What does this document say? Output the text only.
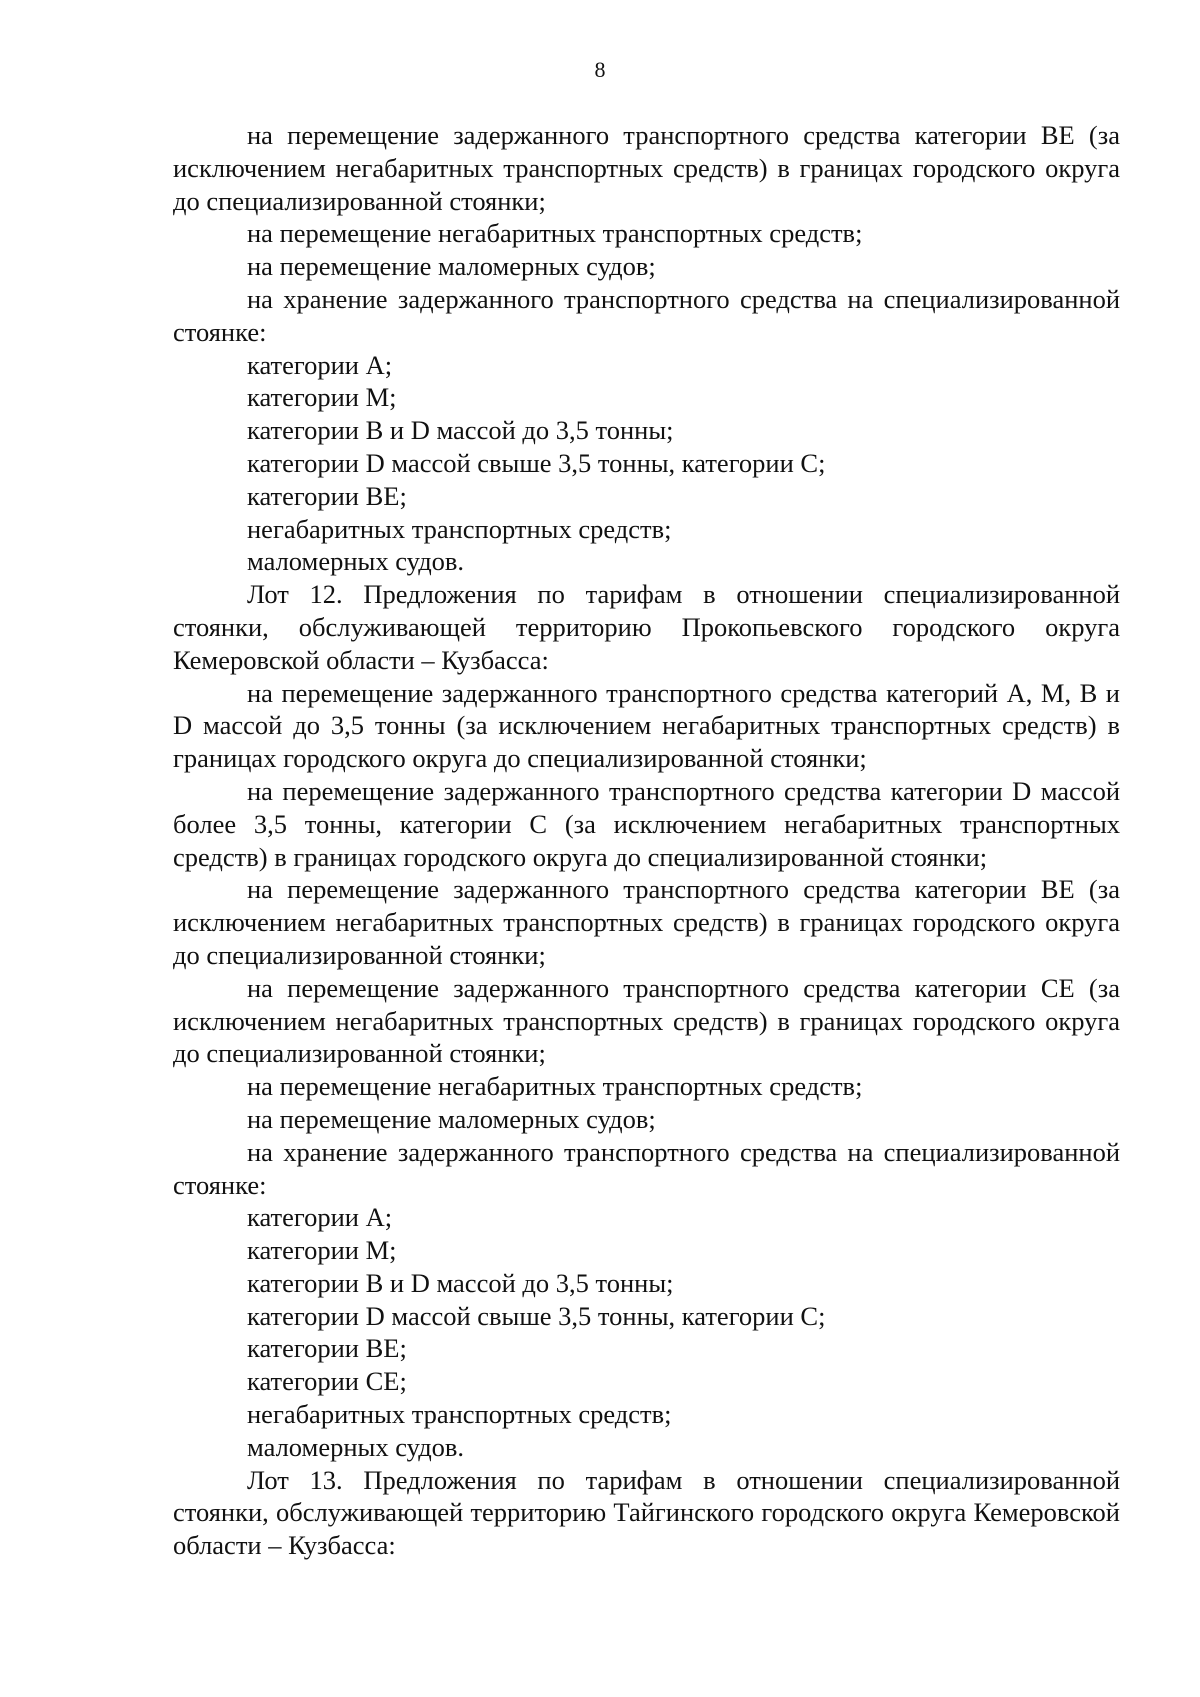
8

на перемещение задержанного транспортного средства категории ВЕ (за исключением негабаритных транспортных средств) в границах городского округа до специализированной стоянки;

на перемещение негабаритных транспортных средств;

на перемещение маломерных судов;

на хранение задержанного транспортного средства на специализированной стоянке:

категории А;

категории М;

категории В и D массой до 3,5 тонны;

категории D массой свыше 3,5 тонны, категории С;

категории ВЕ;

негабаритных транспортных средств;

маломерных судов.

Лот 12. Предложения по тарифам в отношении специализированной стоянки, обслуживающей территорию Прокопьевского городского округа Кемеровской области – Кузбасса:

на перемещение задержанного транспортного средства категорий А, М, В и D массой до 3,5 тонны (за исключением негабаритных транспортных средств) в границах городского округа до специализированной стоянки;

на перемещение задержанного транспортного средства категории D массой более 3,5 тонны, категории С (за исключением негабаритных транспортных средств) в границах городского округа до специализированной стоянки;

на перемещение задержанного транспортного средства категории ВЕ (за исключением негабаритных транспортных средств) в границах городского округа до специализированной стоянки;

на перемещение задержанного транспортного средства категории СЕ (за исключением негабаритных транспортных средств) в границах городского округа до специализированной стоянки;

на перемещение негабаритных транспортных средств;

на перемещение маломерных судов;

на хранение задержанного транспортного средства на специализированной стоянке:

категории А;

категории М;

категории В и D массой до 3,5 тонны;

категории D массой свыше 3,5 тонны, категории С;

категории ВЕ;

категории СЕ;

негабаритных транспортных средств;

маломерных судов.

Лот 13. Предложения по тарифам в отношении специализированной стоянки, обслуживающей территорию Тайгинского городского округа Кемеровской области – Кузбасса:
